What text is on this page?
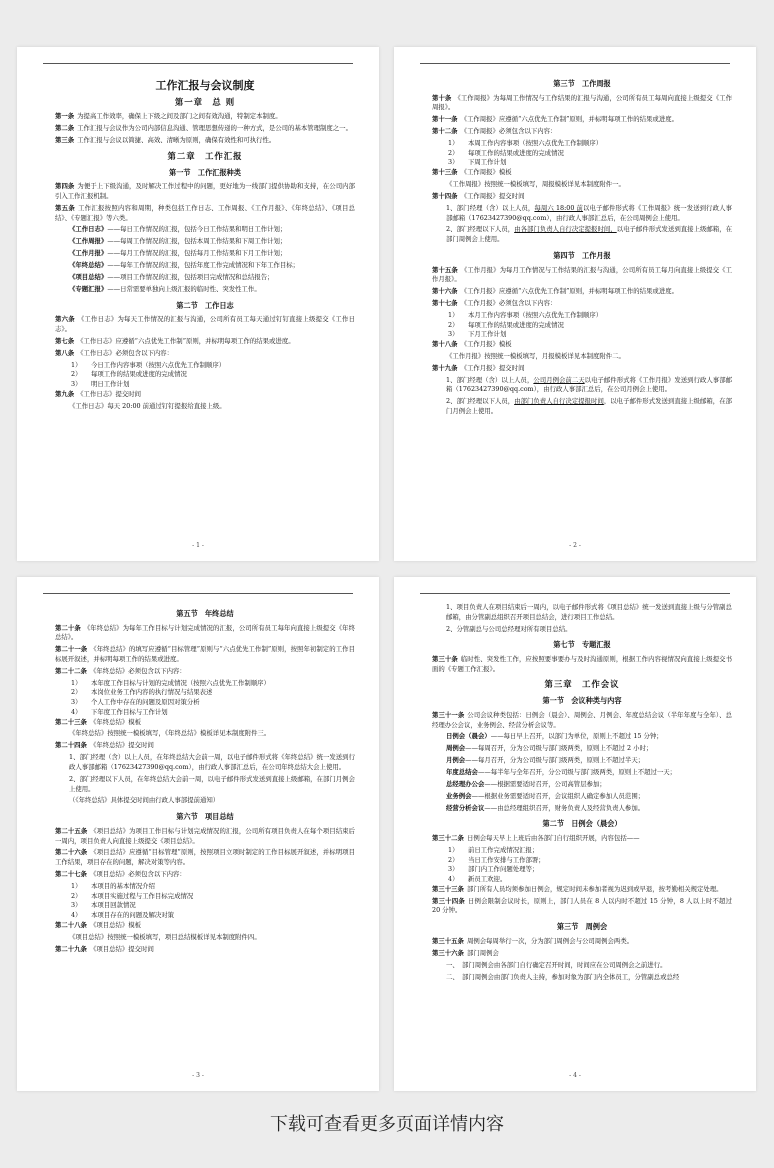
工作汇报与会议制度
第一章　总 则

第一条 为提高工作效率，确保上下级之间及部门之间有效沟通，特制定本制度。

第二条 工作汇报与会议作为公司内部信息沟通、管理思想传递的一种方式，是公司的基本管理制度之一。

第三条 工作汇报与会议以简捷、高效、清晰为原则，确保有效性和可执行性。

第二章　工作汇报
第一节　工作汇报种类

第四条 为便于上下级沟通，及时解决工作过程中的问题，更好地为一线部门提供协助和支持，在公司内部引入工作汇报机制。

第五条 工作汇报按照内容和周期，种类包括工作日志、工作周报、《工作月报》、《年终总结》、《项目总结》、《专题汇报》等六类。

《工作日志》——每日工作情况的汇报，包括今日工作结果和明日工作计划；

《工作周报》——每周工作情况的汇报，包括本周工作结果和下周工作计划；

《工作月报》——每月工作情况的汇报，包括每月工作结果和下月工作计划；

《年终总结》——每年工作情况的汇报，包括年度工作完成情况和下年工作目标；

《项目总结》——项目工作情况的汇报，包括项目完成情况和总结报告；

《专题汇报》——日常需要单独向上级汇报的临时性、突发性工作。

第二节　工作日志

第六条 《工作日志》为每天工作情况的汇报与沟通，公司所有员工每天通过钉钉直接上级提交《工作日志》。

第七条 《工作日志》应遵循“六点优先工作制”原则，并标明每项工作的结果或进度。

第八条 《工作日志》必须包含以下内容：

1）	今日工作内容事项（按照六点优先工作制顺序）
2）	每项工作的结果或进度的完成情况
3）	明日工作计划

第九条 《工作日志》提交时间

《工作日志》每天 20:00 前通过钉钉提报给直接上级。

- 1 -
第三节　工作周报

第十条 《工作周报》为每周工作情况与工作结果的汇报与沟通，公司所有员工每周向直接上级提交《工作周报》。

第十一条 《工作周报》应遵循“六点优先工作制”原则，并标明每项工作的结果或进度。

第十二条 《工作周报》必须包含以下内容：

1）	本周工作内容事项（按照六点优先工作制顺序）
2）	每项工作的结果或进度的完成情况
3）	下周工作计划

第十三条 《工作周报》模板

《工作周报》按照统一模板填写，周报模板详见本制度附件一。

第十四条 《工作周报》提交时间

1、部门经理（含）以上人员，每周六 18:00 前以电子邮件形式将《工作周报》统一发送到行政人事部邮箱（17623427390@qq.com），由行政人事部汇总后，在公司周例会上使用。

2、部门经理以下人员，由各部门负责人自行决定提报时间，以电子邮件形式发送到直接上级邮箱，在部门周例会上使用。

第四节　工作月报

第十五条 《工作月报》为每月工作情况与工作结果的汇报与沟通，公司所有员工每月向直接上级提交《工作月报》。

第十六条 《工作月报》应遵循“六点优先工作制”原则，并标明每项工作的结果或进度。

第十七条 《工作月报》必须包含以下内容：

1）	本月工作内容事项（按照六点优先工作制顺序）
2）	每项工作的结果或进度的完成情况
3）	下月工作计划

第十八条 《工作月报》模板

《工作月报》按照统一模板填写，月报模板详见本制度附件二。

第十九条 《工作月报》提交时间

1、部门经理（含）以上人员，公司月例会前二天以电子邮件形式将《工作月报》发送到行政人事部邮箱（17623427390@qq.com），由行政人事部汇总后，在公司月例会上使用。

2、部门经理以下人员，由部门负责人自行决定提报时间，以电子邮件形式发送到直接上级邮箱，在部门月例会上使用。

- 2 -
第五节　年终总结

第二十条 《年终总结》为每年工作目标与计划完成情况的汇报，公司所有员工每年向直接上级提交《年终总结》。

第二十一条 《年终总结》的填写应遵循“目标管理”原则与“六点优先工作制”原则，按照年初制定的工作目标展开叙述，并标明每项工作的结果或进度。

第二十二条 《年终总结》必须包含以下内容：

1）	本年度工作目标与计划的完成情况（按照六点优先工作制顺序）
2）	本岗位业务工作内容的执行情况与结果表述
3）	个人工作中存在的问题及原因对策分析
4）	下年度工作目标与工作计划

第二十三条 《年终总结》模板

《年终总结》按照统一模板填写，《年终总结》模板详见本制度附件三。

第二十四条 《年终总结》提交时间

1、部门经理（含）以上人员，在年终总结大会前一周，以电子邮件形式将《年终总结》统一发送到行政人事部邮箱（17623427390@qq.com），由行政人事部汇总后，在公司年终总结大会上使用。

2、部门经理以下人员，在年终总结大会前一周，以电子邮件形式发送到直接上级邮箱，在部门月例会上使用。

（《年终总结》具体提交时间由行政人事部提前通知）

第六节　项目总结

第二十五条 《项目总结》为项目工作目标与计划完成情况的汇报，公司所有项目负责人在每个项目结束后一周内，项目负责人向直接上级提交《项目总结》。

第二十六条 《项目总结》应遵循“目标管理”原则，按照项目立项时制定的工作目标展开叙述，并标明项目工作结果，项目存在的问题，解决对策等内容。

第二十七条 《项目总结》必须包含以下内容：

1）	本项目的基本情况介绍
2）	本项目实施过程与工作目标完成情况
3）	本项目回款情况
4）	本项目存在的问题及解决对策

第二十八条 《项目总结》模板

《项目总结》按照统一模板填写，项目总结模板详见本制度附件四。

第二十九条 《项目总结》提交时间

- 3 -

1、项目负责人在项目结束后一周内，以电子邮件形式将《项目总结》统一发送到直接上级与分管副总邮箱，由分管副总组织召开项目总结会，进行项目工作总结。

2、分管副总与公司总经理对所有项目总结。

第七节　专题汇报

第三十条 临时性、突发性工作，应按照要事要办与及时沟通原则，根据工作内容视情况向直接上级提交书面的《专题工作汇报》。

第三章　工作会议
第一节　会议种类与内容

第三十一条 公司会议种类包括：日例会（晨会）、周例会、月例会、年度总结会议（半年年度与全年）、总经理办公会议，业务例会、经营分析会议等。

日例会（晨会）——每日早上召开，以部门为单位，原则上不超过 15 分钟；

周例会——每周召开，分为公司级与部门级两类，原则上不超过 2 小时；

月例会——每月召开，分为公司级与部门级两类，原则上不超过半天；

年度总结会——每半年与全年召开，分公司级与部门级两类，原则上不超过一天；

总经理办公会——根据需要适时召开，公司高管层参加；

业务例会——根据业务需要适时召开，会议组织人确定参加人员范围；

经营分析会议——由总经理组织召开，财务负责人及经营负责人参加。

第二节　日例会（晨会）

第三十二条 日例会每天早上上班后由各部门自行组织开展，内容包括——

1）	前日工作完成情况汇报；
2）	当日工作安排与工作部署；
3）	部门内工作问题处理等；
4）	新员工欢迎。

第三十三条 部门所有人员均须参加日例会，规定时间未参加者视为迟到或早退，按考勤相关规定处理。

第三十四条 日例会限制会议时长，原则上，部门人员在 8 人以内时不超过 15 分钟，8 人以上时不超过 20 分钟。

第三节　周例会

第三十五条 周例会每周举行一次，分为部门周例会与公司周例会两类。

第三十六条 部门周例会

一、　部门周例会由各部门自行确定召开时间，时间应在公司周例会之前进行。

二、　部门周例会由部门负责人主持，参加对象为部门内全体员工，分管副总或总经

- 4 -
下载可查看更多页面详情内容
